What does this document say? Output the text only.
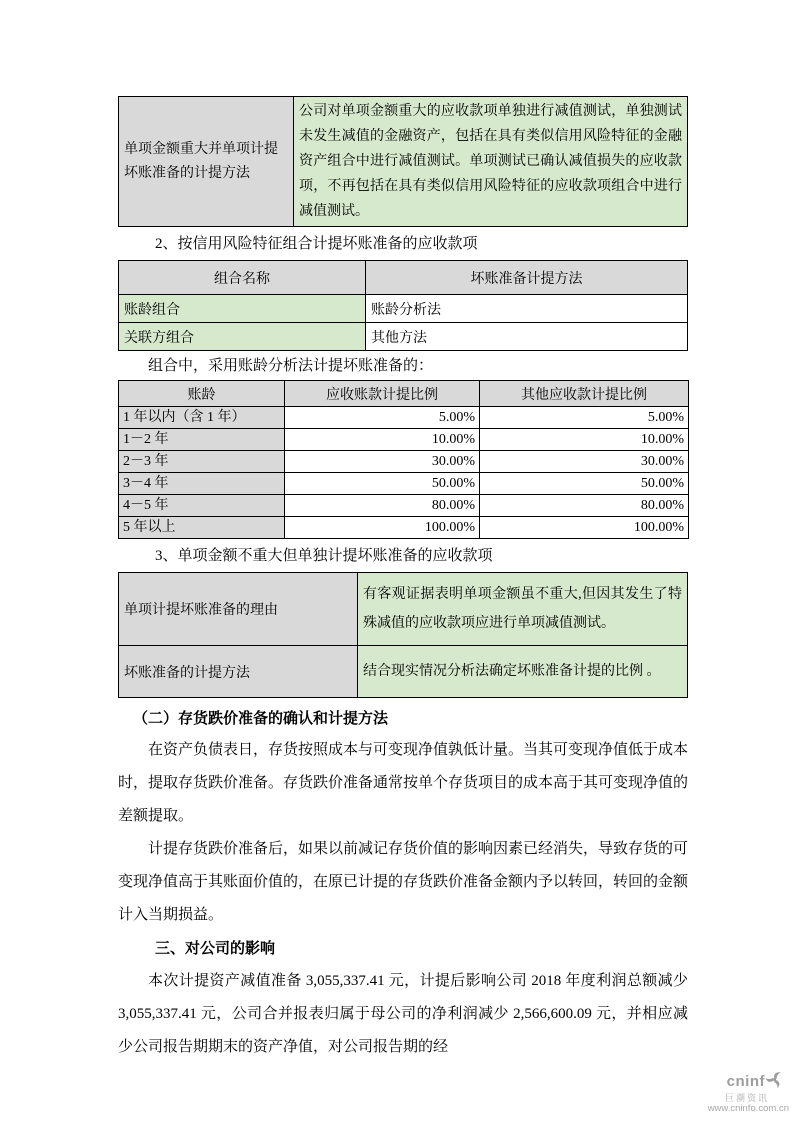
单项金额重大并单项计提坏账准备的计提方法	公司对单项金额重大的应收款项单独进行减值测试，单独测试未发生减值的金融资产，包括在具有类似信用风险特征的金融资产组合中进行减值测试。单项测试已确认减值损失的应收款项，不再包括在具有类似信用风险特征的应收款项组合中进行减值测试。

2、按信用风险特征组合计提坏账准备的应收款项

组合名称	坏账准备计提方法
账龄组合	账龄分析法
关联方组合	其他方法

组合中，采用账龄分析法计提坏账准备的：

账龄	应收账款计提比例	其他应收款计提比例
1 年以内（含 1 年）	5.00%	5.00%
1－2 年	10.00%	10.00%
2－3 年	30.00%	30.00%
3－4 年	50.00%	50.00%
4－5 年	80.00%	80.00%
5 年以上	100.00%	100.00%

3、单项金额不重大但单独计提坏账准备的应收款项

单项计提坏账准备的理由	有客观证据表明单项金额虽不重大,但因其发生了特殊减值的应收款项应进行单项减值测试。
坏账准备的计提方法	结合现实情况分析法确定坏账准备计提的比例 。

（二）存货跌价准备的确认和计提方法

在资产负债表日，存货按照成本与可变现净值孰低计量。当其可变现净值低于成本时，提取存货跌价准备。存货跌价准备通常按单个存货项目的成本高于其可变现净值的差额提取。

计提存货跌价准备后，如果以前减记存货价值的影响因素已经消失，导致存货的可变现净值高于其账面价值的，在原已计提的存货跌价准备金额内予以转回，转回的金额计入当期损益。

三、对公司的影响

本次计提资产减值准备 3,055,337.41 元，计提后影响公司 2018 年度利润总额减少 3,055,337.41 元，公司合并报表归属于母公司的净利润减少 2,566,600.09 元，并相应减少公司报告期期末的资产净值，对公司报告期的经

cninf
巨潮资讯
www.cninfo.com.cn
